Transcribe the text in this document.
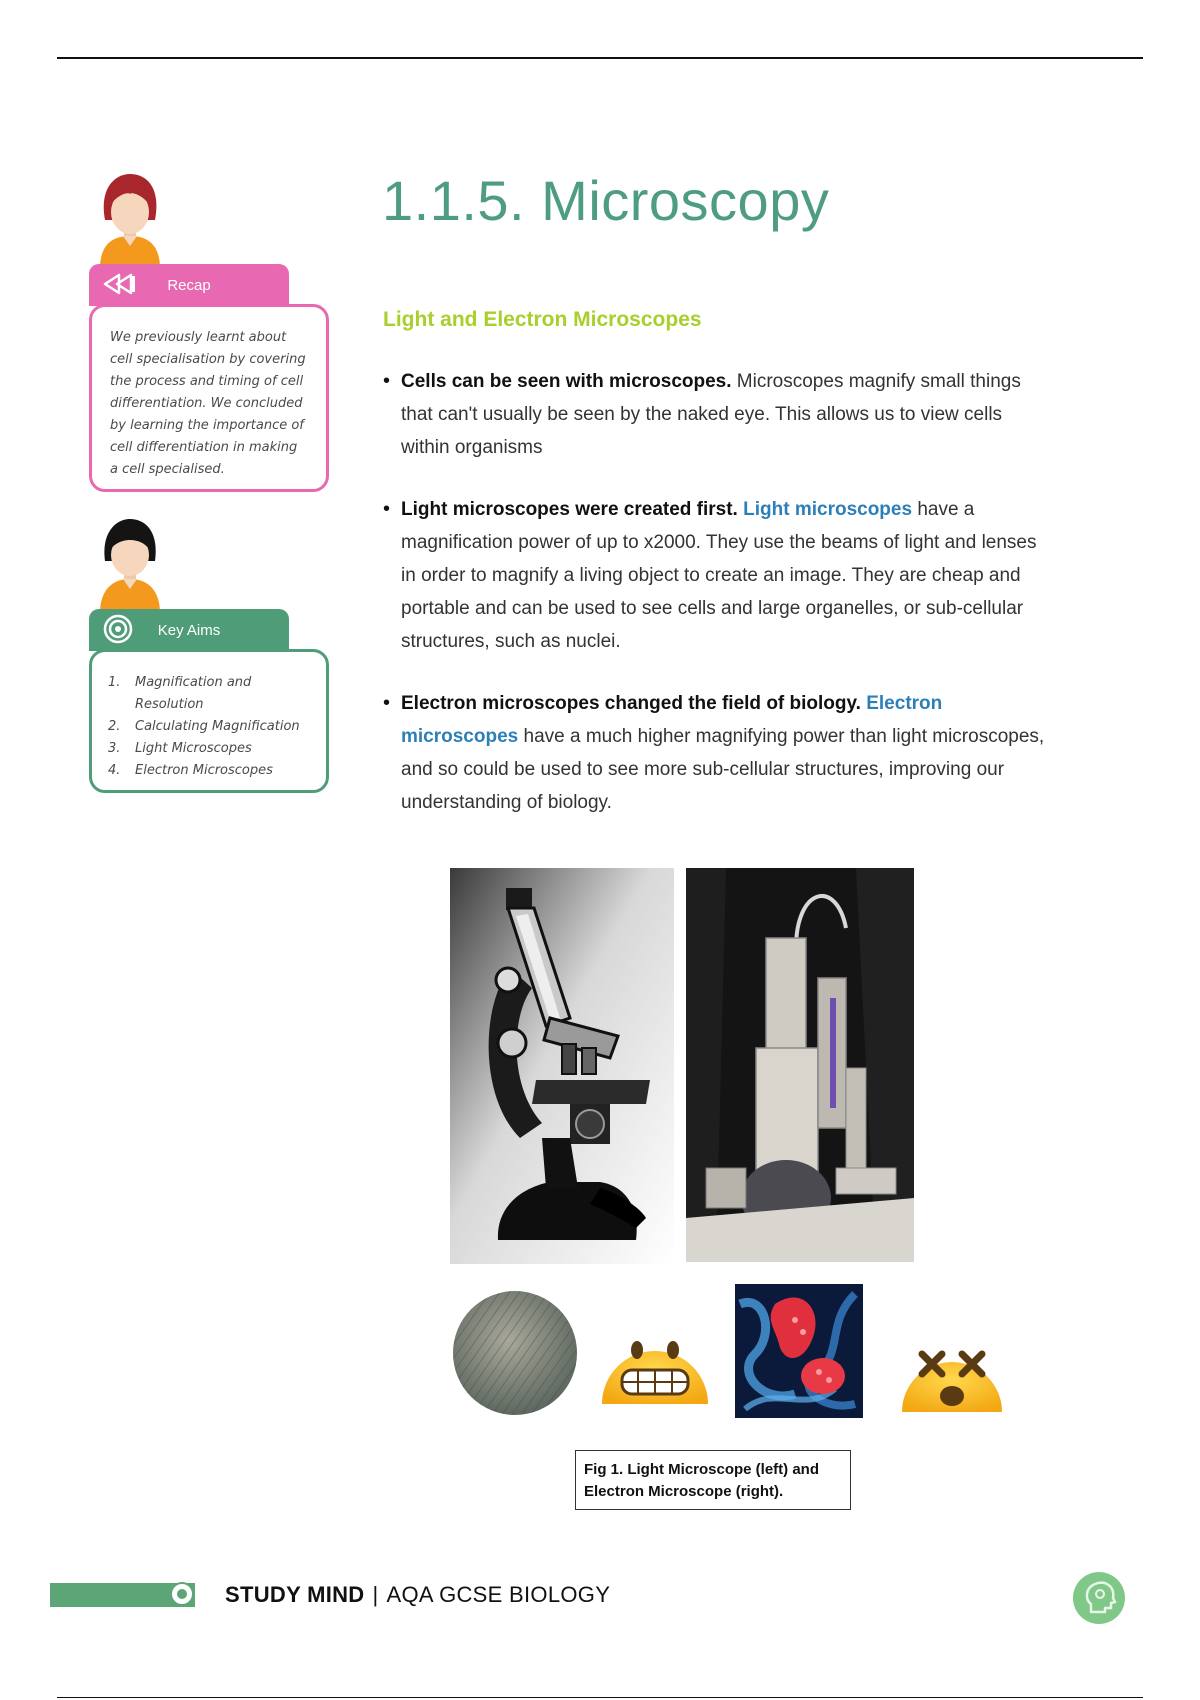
Recap
We previously learnt about cell specialisation by covering the process and timing of cell differentiation. We concluded by learning the importance of cell differentiation in making a cell specialised.
Key Aims
1.	Magnification and Resolution
2.	Calculating Magnification
3.	Light Microscopes
4.	Electron Microscopes
1.1.5. Microscopy
Light and Electron Microscopes
• Cells can be seen with microscopes. Microscopes magnify small things that can't usually be seen by the naked eye. This allows us to view cells within organisms
• Light microscopes were created first. Light microscopes have a magnification power of up to x2000. They use the beams of light and lenses in order to magnify a living object to create an image. They are cheap and portable and can be used to see cells and large organelles, or sub-cellular structures, such as nuclei.
• Electron microscopes changed the field of biology. Electron microscopes have a much higher magnifying power than light microscopes, and so could be used to see more sub-cellular structures, improving our understanding of biology.
Fig 1. Light Microscope (left) and Electron Microscope (right).
STUDY MIND | AQA GCSE BIOLOGY
